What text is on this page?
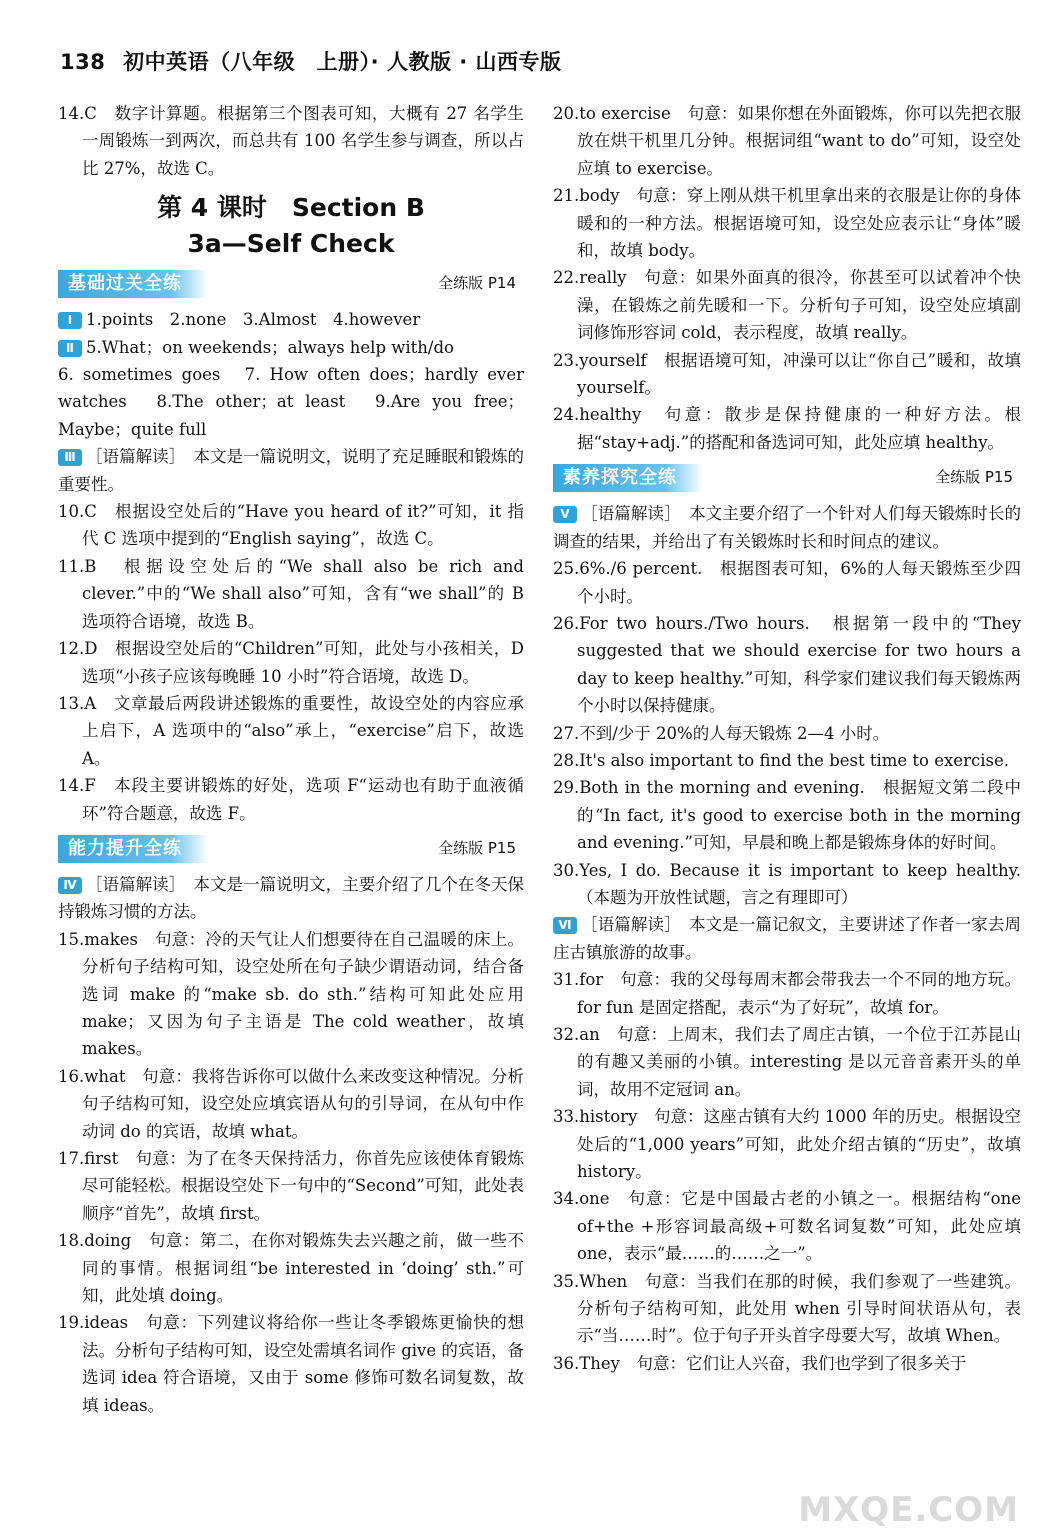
138 初中英语（八年级　上册）· 人教版 · 山西专版

14.C　数字计算题。根据第三个图表可知，大概有 27 名学生一周锻炼一到两次，而总共有 100 名学生参与调查，所以占比 27%，故选 C。

第 4 课时　Section B
3a—Self Check
基础过关全练	全练版 P14

Ⅰ 1.points　2.none　3.Almost　4.however

Ⅱ 5.What；on weekends；always help with/do

6. sometimes goes　7. How often does；hardly ever watches　8.The other；at least　9.Are you free；Maybe；quite full

Ⅲ ［语篇解读］　本文是一篇说明文，说明了充足睡眠和锻炼的重要性。

10.C　根据设空处后的“Have you heard of it?”可知，it 指代 C 选项中提到的“English saying”，故选 C。

11.B　根据设空处后的“We shall also be rich and clever.”中的“We shall also”可知，含有“we shall”的 B 选项符合语境，故选 B。

12.D　根据设空处后的“Children”可知，此处与小孩相关，D 选项“小孩子应该每晚睡 10 小时”符合语境，故选 D。

13.A　文章最后两段讲述锻炼的重要性，故设空处的内容应承上启下，A 选项中的“also”承上，“exercise”启下，故选 A。

14.F　本段主要讲锻炼的好处，选项 F“运动也有助于血液循环”符合题意，故选 F。

能力提升全练	全练版 P15

Ⅳ ［语篇解读］　本文是一篇说明文，主要介绍了几个在冬天保持锻炼习惯的方法。

15.makes　句意：冷的天气让人们想要待在自己温暖的床上。分析句子结构可知，设空处所在句子缺少谓语动词，结合备选词 make 的“make sb. do sth.”结构可知此处应用 make；又因为句子主语是 The cold weather，故填 makes。

16.what　句意：我将告诉你可以做什么来改变这种情况。分析句子结构可知，设空处应填宾语从句的引导词，在从句中作动词 do 的宾语，故填 what。

17.first　句意：为了在冬天保持活力，你首先应该使体育锻炼尽可能轻松。根据设空处下一句中的“Second”可知，此处表顺序“首先”，故填 first。

18.doing　句意：第二，在你对锻炼失去兴趣之前，做一些不同的事情。根据词组“be interested in ‘doing’ sth.”可知，此处填 doing。

19.ideas　句意：下列建议将给你一些让冬季锻炼更愉快的想法。分析句子结构可知，设空处需填名词作 give 的宾语，备选词 idea 符合语境，又由于 some 修饰可数名词复数，故填 ideas。

20.to exercise　句意：如果你想在外面锻炼，你可以先把衣服放在烘干机里几分钟。根据词组“want to do”可知，设空处应填 to exercise。

21.body　句意：穿上刚从烘干机里拿出来的衣服是让你的身体暖和的一种方法。根据语境可知，设空处应表示让“身体”暖和，故填 body。

22.really　句意：如果外面真的很冷，你甚至可以试着冲个快澡，在锻炼之前先暖和一下。分析句子可知，设空处应填副词修饰形容词 cold，表示程度，故填 really。

23.yourself　根据语境可知，冲澡可以让“你自己”暖和，故填 yourself。

24.healthy　句意：散步是保持健康的一种好方法。根据“stay+adj.”的搭配和备选词可知，此处应填 healthy。

素养探究全练	全练版 P15

Ⅴ ［语篇解读］　本文主要介绍了一个针对人们每天锻炼时长的调查的结果，并给出了有关锻炼时长和时间点的建议。

25.6%./6 percent.　根据图表可知，6%的人每天锻炼至少四个小时。

26.For two hours./Two hours.　根据第一段中的“They suggested that we should exercise for two hours a day to keep healthy.”可知，科学家们建议我们每天锻炼两个小时以保持健康。

27.不到/少于 20%的人每天锻炼 2—4 小时。

28.It's also important to find the best time to exercise.

29.Both in the morning and evening.　根据短文第二段中的“In fact, it's good to exercise both in the morning and evening.”可知，早晨和晚上都是锻炼身体的好时间。

30.Yes, I do. Because it is important to keep healthy.（本题为开放性试题，言之有理即可）

Ⅵ ［语篇解读］　本文是一篇记叙文，主要讲述了作者一家去周庄古镇旅游的故事。

31.for　句意：我的父母每周末都会带我去一个不同的地方玩。for fun 是固定搭配，表示“为了好玩”，故填 for。

32.an　句意：上周末，我们去了周庄古镇，一个位于江苏昆山的有趣又美丽的小镇。interesting 是以元音音素开头的单词，故用不定冠词 an。

33.history　句意：这座古镇有大约 1000 年的历史。根据设空处后的“1,000 years”可知，此处介绍古镇的“历史”，故填 history。

34.one　句意：它是中国最古老的小镇之一。根据结构“one of+the +形容词最高级+可数名词复数”可知，此处应填 one，表示“最……的……之一”。

35.When　句意：当我们在那的时候，我们参观了一些建筑。分析句子结构可知，此处用 when 引导时间状语从句，表示“当……时”。位于句子开头首字母要大写，故填 When。

36.They　句意：它们让人兴奋，我们也学到了很多关于

MXQE.COM
